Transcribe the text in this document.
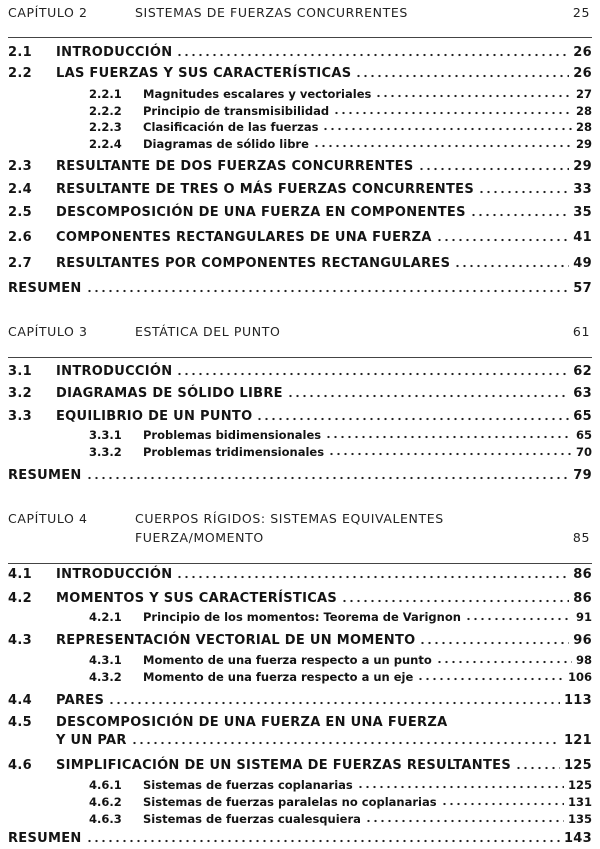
CAPÍTULO 2	SISTEMAS DE FUERZAS CONCURRENTES	25
2.1	INTRODUCCIÓN	26
2.2	LAS FUERZAS Y SUS CARACTERÍSTICAS	26
2.2.1	Magnitudes escalares y vectoriales	27
2.2.2	Principio de transmisibilidad	28
2.2.3	Clasificación de las fuerzas	28
2.2.4	Diagramas de sólido libre	29
2.3	RESULTANTE DE DOS FUERZAS CONCURRENTES	29
2.4	RESULTANTE DE TRES O MÁS FUERZAS CONCURRENTES	33
2.5	DESCOMPOSICIÓN DE UNA FUERZA EN COMPONENTES	35
2.6	COMPONENTES RECTANGULARES DE UNA FUERZA	41
2.7	RESULTANTES POR COMPONENTES RECTANGULARES	49
RESUMEN	57
CAPÍTULO 3	ESTÁTICA DEL PUNTO	61
3.1	INTRODUCCIÓN	62
3.2	DIAGRAMAS DE SÓLIDO LIBRE	63
3.3	EQUILIBRIO DE UN PUNTO	65
3.3.1	Problemas bidimensionales	65
3.3.2	Problemas tridimensionales	70
RESUMEN	79
CAPÍTULO 4	CUERPOS RÍGIDOS: SISTEMAS EQUIVALENTES
FUERZA/MOMENTO	85
4.1	INTRODUCCIÓN	86
4.2	MOMENTOS Y SUS CARACTERÍSTICAS	86
4.2.1	Principio de los momentos: Teorema de Varignon	91
4.3	REPRESENTACIÓN VECTORIAL DE UN MOMENTO	96
4.3.1	Momento de una fuerza respecto a un punto	98
4.3.2	Momento de una fuerza respecto a un eje	106
4.4	PARES	113
4.5	DESCOMPOSICIÓN DE UNA FUERZA EN UNA FUERZA
Y UN PAR	121
4.6	SIMPLIFICACIÓN DE UN SISTEMA DE FUERZAS RESULTANTES	125
4.6.1	Sistemas de fuerzas coplanarias	125
4.6.2	Sistemas de fuerzas paralelas no coplanarias	131
4.6.3	Sistemas de fuerzas cualesquiera	135
RESUMEN	143
